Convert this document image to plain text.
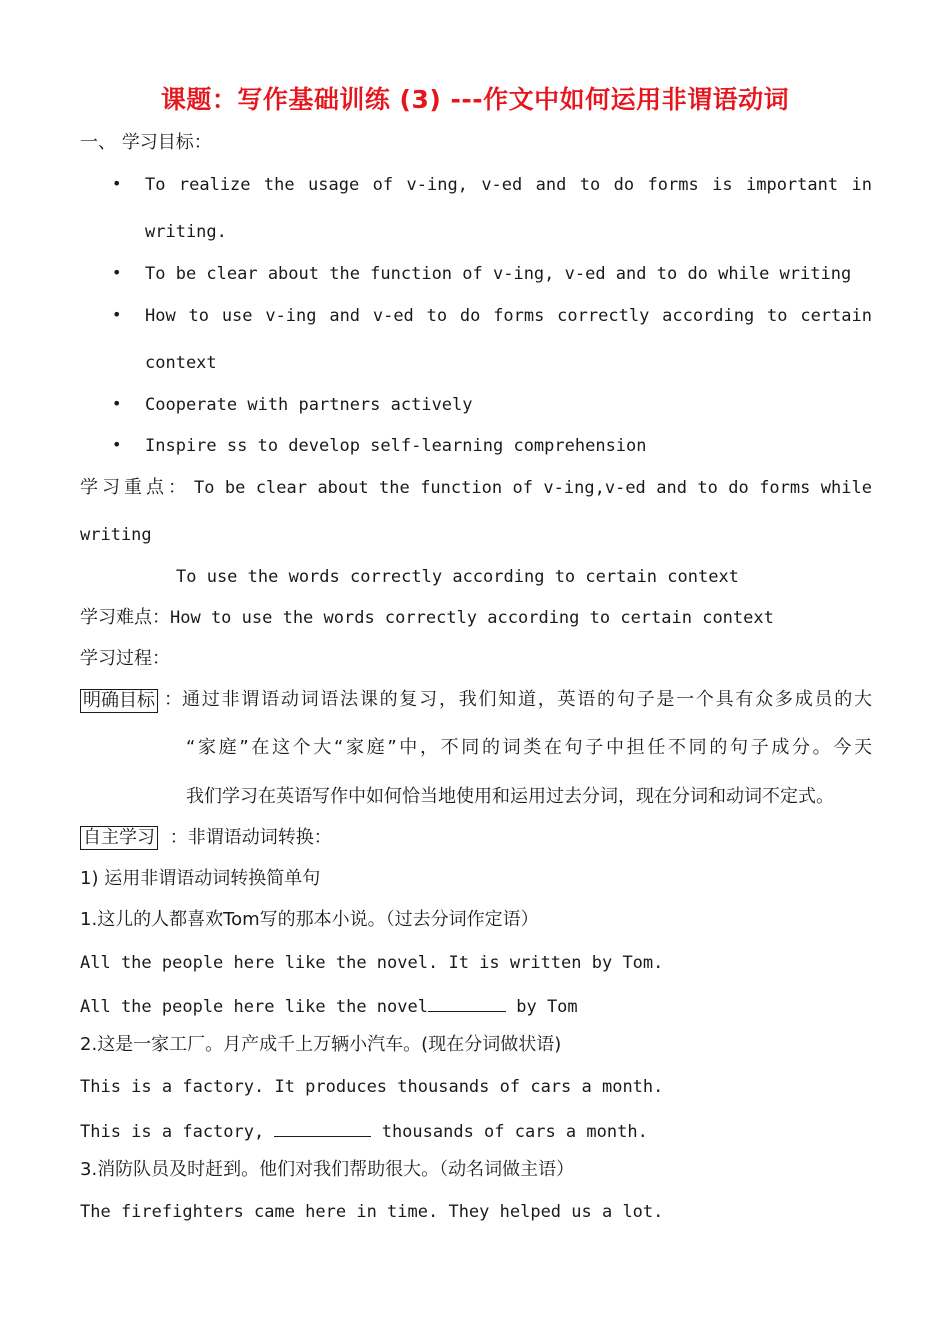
课题：写作基础训练 (3) ---作文中如何运用非谓语动词
一、 学习目标：
• To realize the usage of v-ing, v-ed and to do forms is important in
writing.
• To be clear about the function of v-ing, v-ed and to do while writing
• How to use v-ing and v-ed to do forms correctly according to certain
context
• Cooperate with partners actively
• Inspire ss to develop self-learning comprehension
学习重点： To be clear about the function of v-ing,v-ed and to do forms while
writing
To use the words correctly according to certain context
学习难点：How to use the words correctly according to certain context
学习过程：
明确目标 ： 通过非谓语动词语法课的复习，我们知道，英语的句子是一个具有众多成员的大
“家庭”在这个大“家庭”中，不同的词类在句子中担任不同的句子成分。今天
我们学习在英语写作中如何恰当地使用和运用过去分词，现在分词和动词不定式。
自主学习 ：非谓语动词转换：
1) 运用非谓语动词转换简单句
1.这儿的人都喜欢Tom写的那本小说。（过去分词作定语）
All the people here like the novel. It is written by Tom.
All the people here like the novel	by Tom
2.这是一家工厂。月产成千上万辆小汽车。(现在分词做状语)
This is a factory. It produces thousands of cars a month.
This is a factory,	thousands of cars a month.
3.消防队员及时赶到。他们对我们帮助很大。（动名词做主语）
The firefighters came here in time. They helped us a lot.
